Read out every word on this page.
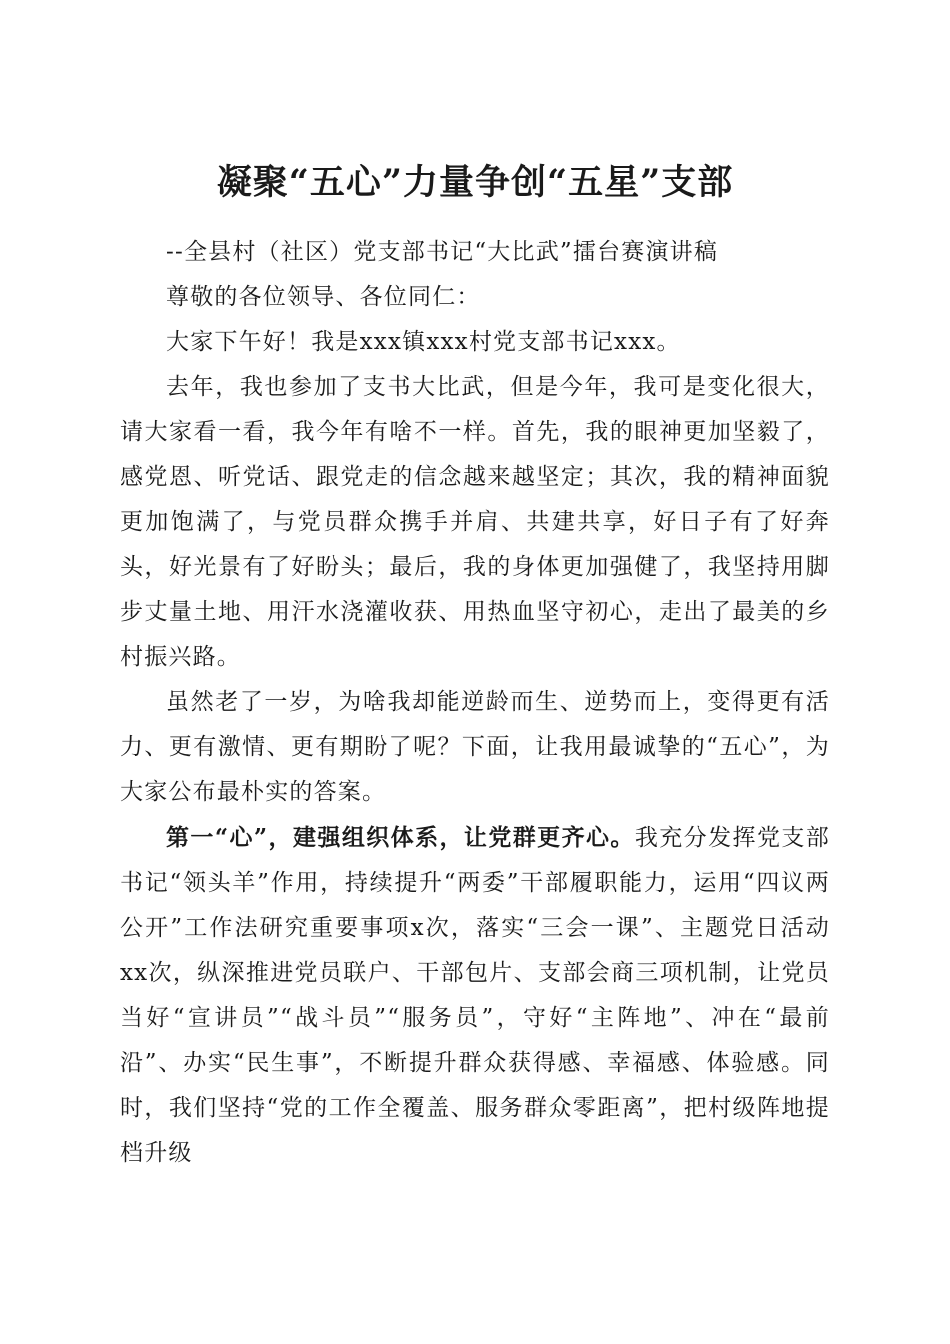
凝聚“五心”力量争创“五星”支部

--全县村（社区）党支部书记“大比武”擂台赛演讲稿

尊敬的各位领导、各位同仁：

大家下午好！我是xxx镇xxx村党支部书记xxx。

去年，我也参加了支书大比武，但是今年，我可是变化很大，请大家看一看，我今年有啥不一样。首先，我的眼神更加坚毅了，感党恩、听党话、跟党走的信念越来越坚定；其次，我的精神面貌更加饱满了，与党员群众携手并肩、共建共享，好日子有了好奔头，好光景有了好盼头；最后，我的身体更加强健了，我坚持用脚步丈量土地、用汗水浇灌收获、用热血坚守初心，走出了最美的乡村振兴路。

虽然老了一岁，为啥我却能逆龄而生、逆势而上，变得更有活力、更有激情、更有期盼了呢？下面，让我用最诚挚的“五心”，为大家公布最朴实的答案。

第一“心”，建强组织体系，让党群更齐心。我充分发挥党支部书记“领头羊”作用，持续提升“两委”干部履职能力，运用“四议两公开”工作法研究重要事项x次，落实“三会一课”、主题党日活动xx次，纵深推进党员联户、干部包片、支部会商三项机制，让党员当好“宣讲员”“战斗员”“服务员”，守好“主阵地”、冲在“最前沿”、办实“民生事”，不断提升群众获得感、幸福感、体验感。同时，我们坚持“党的工作全覆盖、服务群众零距离”，把村级阵地提档升级
